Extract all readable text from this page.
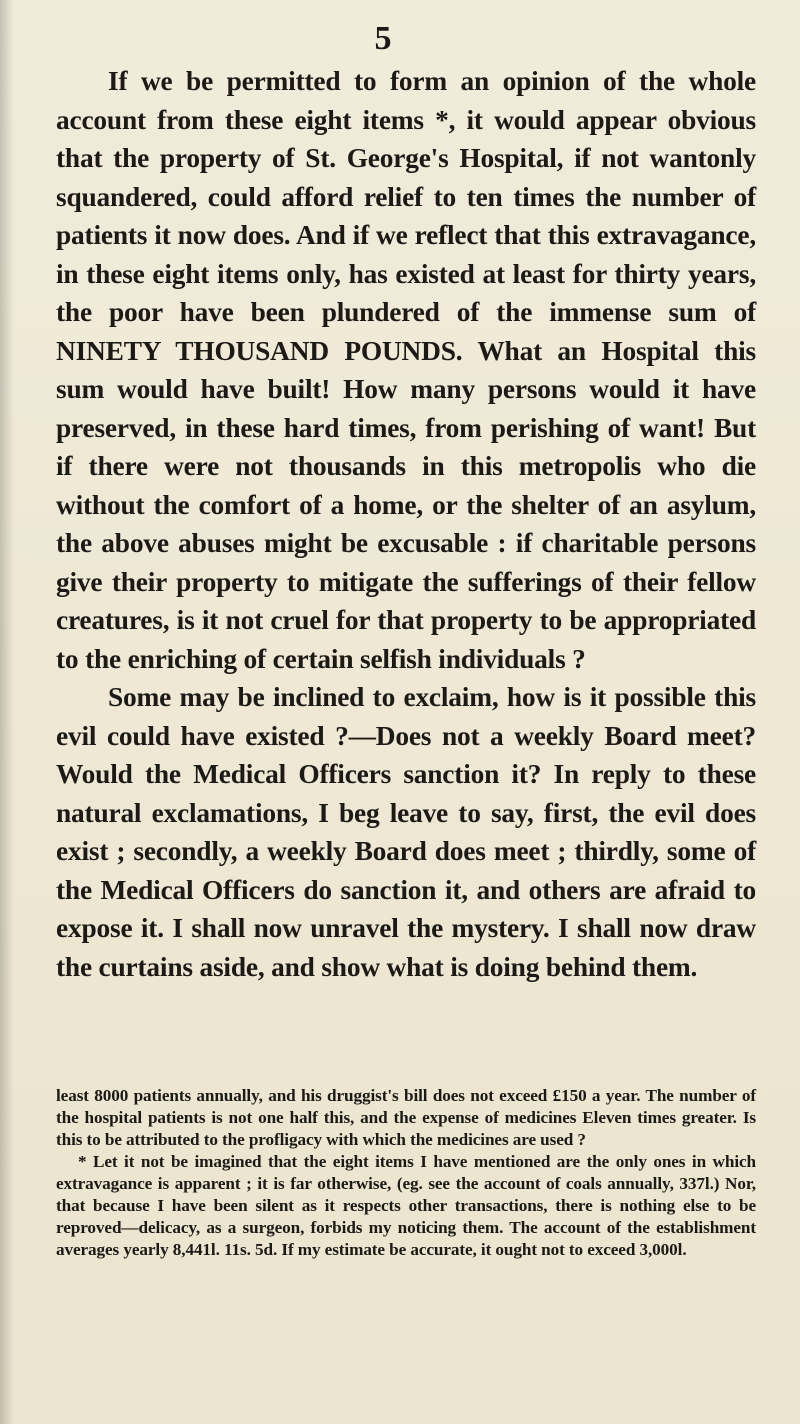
5

If we be permitted to form an opinion of the whole account from these eight items *, it would appear obvious that the property of St. George's Hospital, if not wantonly squandered, could afford relief to ten times the number of patients it now does. And if we reflect that this extravagance, in these eight items only, has existed at least for thirty years, the poor have been plundered of the immense sum of NINETY THOUSAND POUNDS. What an Hospital this sum would have built! How many persons would it have preserved, in these hard times, from perishing of want! But if there were not thousands in this metropolis who die without the comfort of a home, or the shelter of an asylum, the above abuses might be excusable : if charitable persons give their property to mitigate the sufferings of their fellow creatures, is it not cruel for that property to be appropriated to the enriching of certain selfish individuals ?

Some may be inclined to exclaim, how is it possible this evil could have existed ?—Does not a weekly Board meet? Would the Medical Officers sanction it? In reply to these natural exclamations, I beg leave to say, first, the evil does exist ; secondly, a weekly Board does meet ; thirdly, some of the Medical Officers do sanction it, and others are afraid to expose it. I shall now unravel the mystery. I shall now draw the curtains aside, and show what is doing behind them.

least 8000 patients annually, and his druggist's bill does not exceed £150 a year. The number of the hospital patients is not one half this, and the expense of medicines Eleven times greater. Is this to be attributed to the profligacy with which the medicines are used ?

* Let it not be imagined that the eight items I have mentioned are the only ones in which extravagance is apparent ; it is far otherwise, (eg. see the account of coals annually, 337l.) Nor, that because I have been silent as it respects other transactions, there is nothing else to be reproved—delicacy, as a surgeon, forbids my noticing them. The account of the establishment averages yearly 8,441l. 11s. 5d. If my estimate be accurate, it ought not to exceed 3,000l.
